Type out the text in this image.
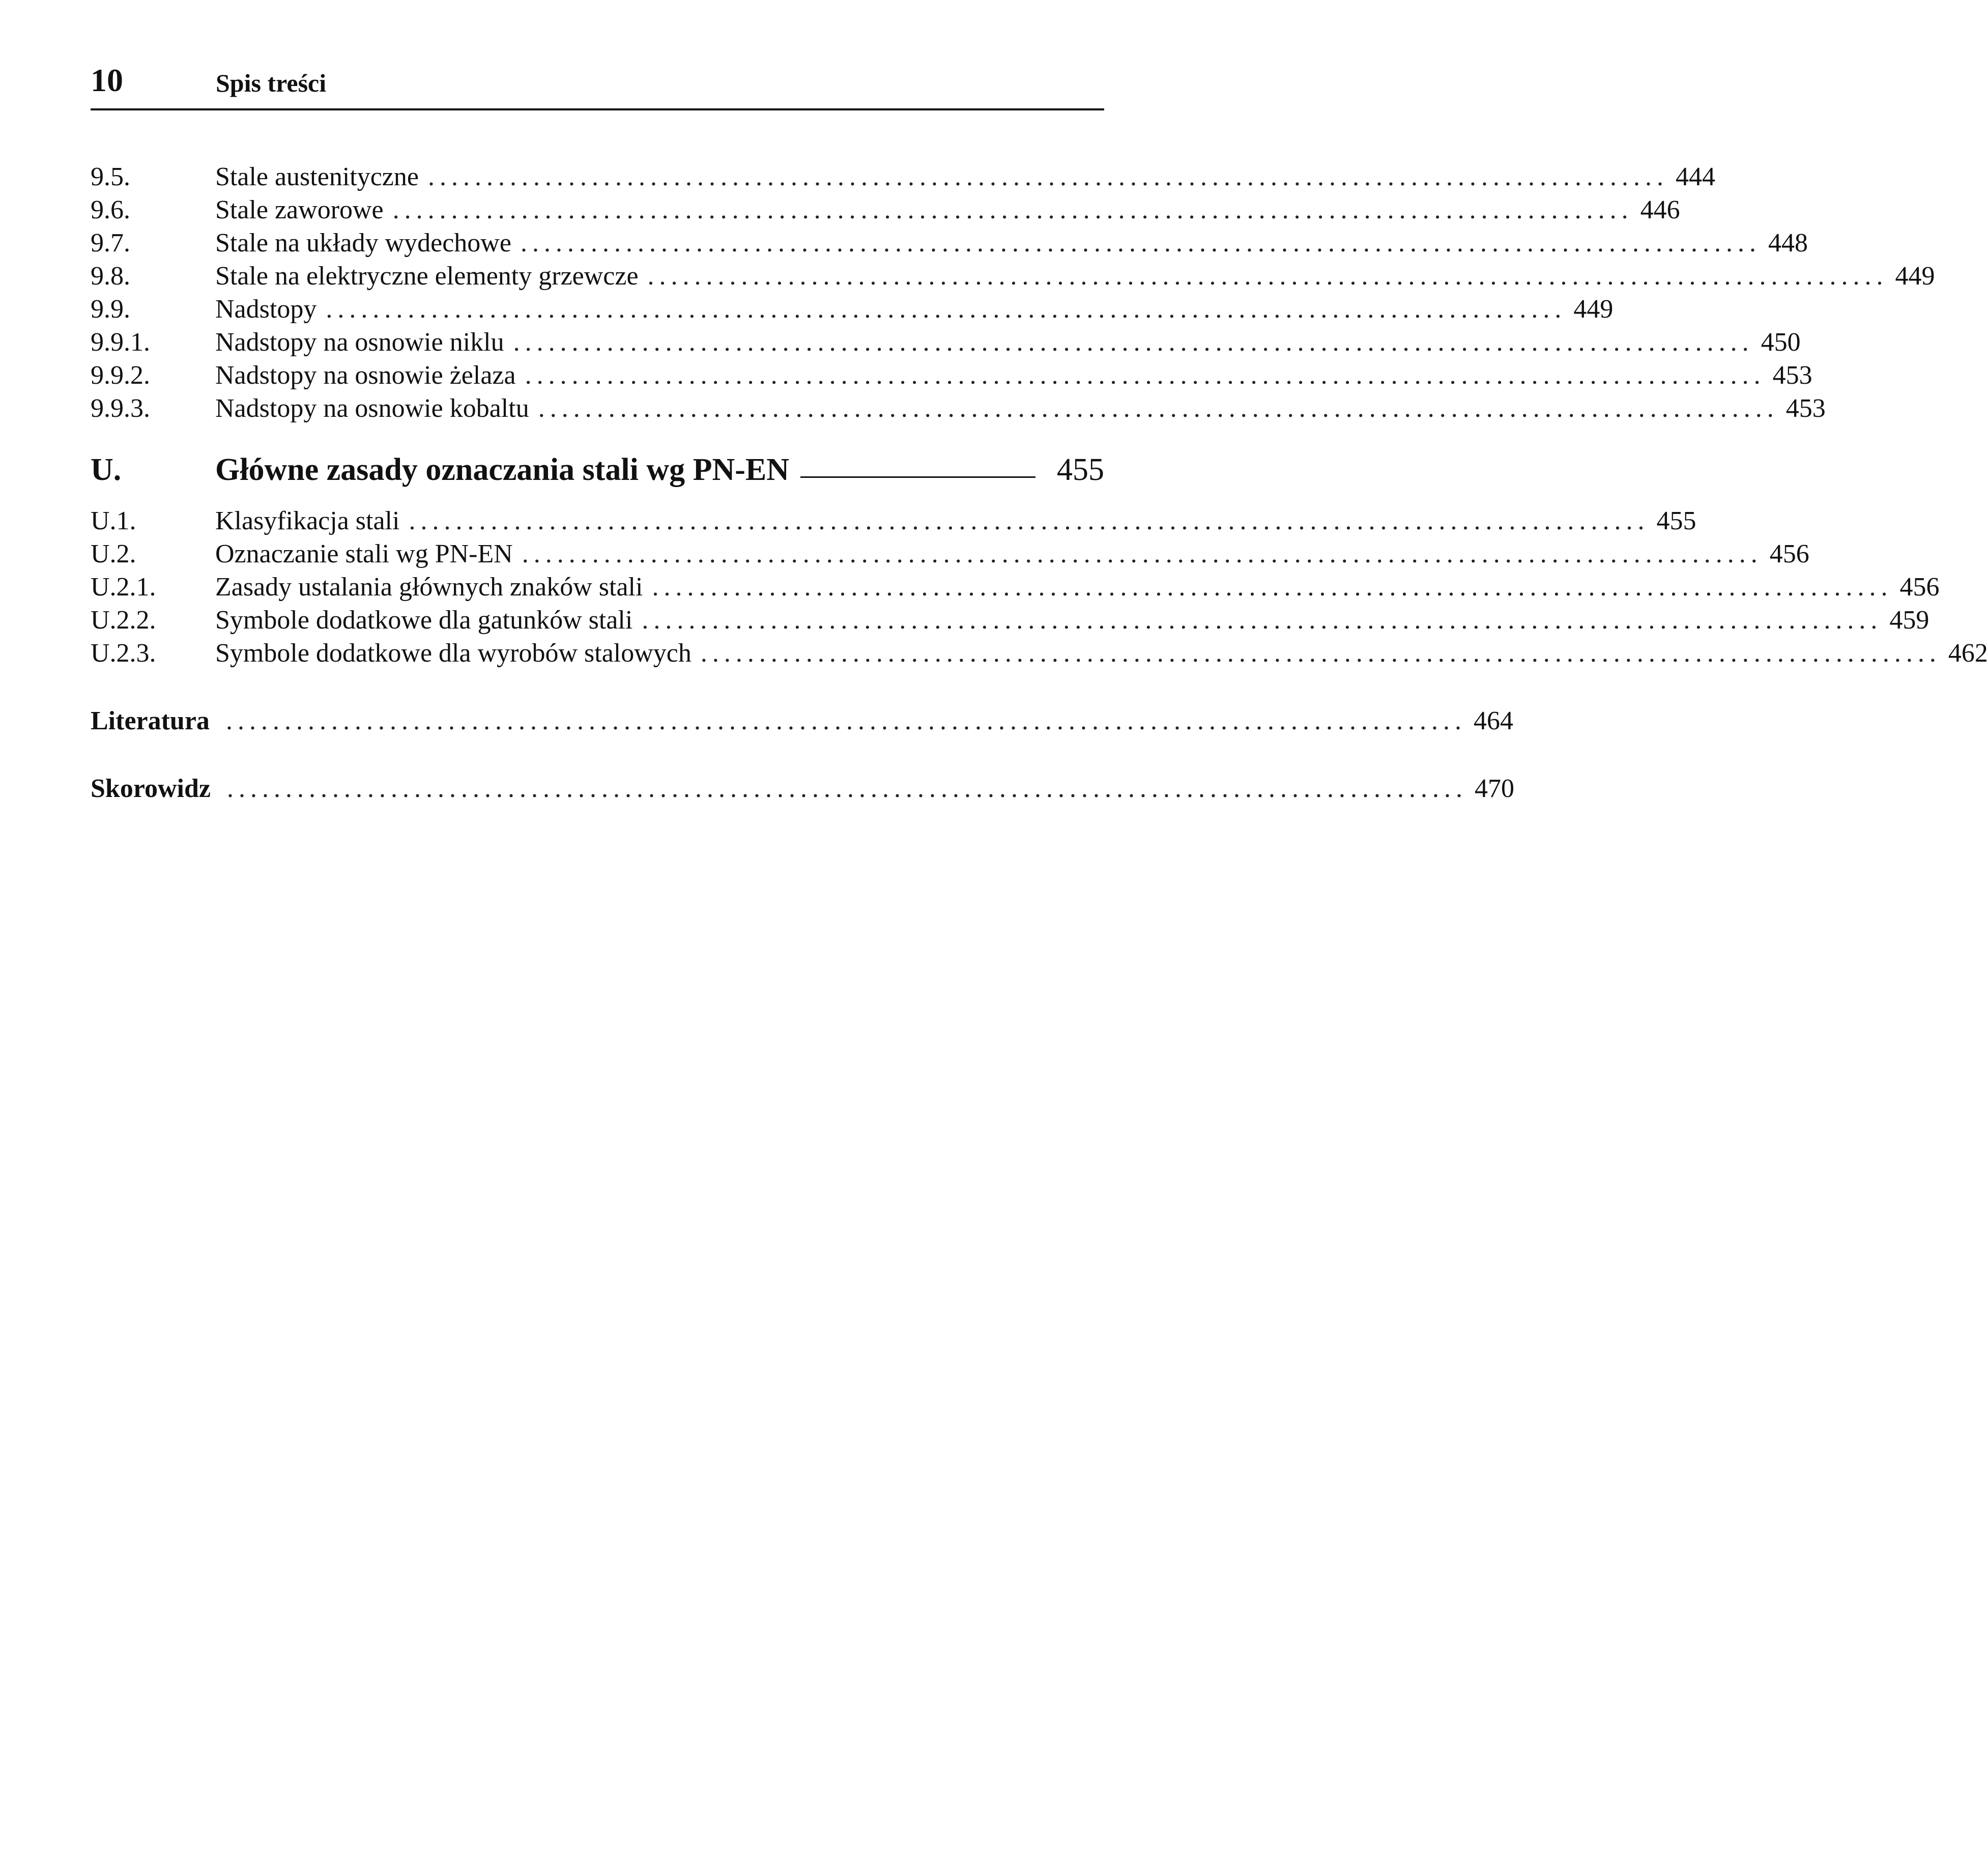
10	Spis treści
9.5.	Stale austenityczne .......................................................................................................... 444
9.6.	Stale zaworowe .......................................................................................................... 446
9.7.	Stale na układy wydechowe .......................................................................................................... 448
9.8.	Stale na elektryczne elementy grzewcze .......................................................................................................... 449
9.9.	Nadstopy .......................................................................................................... 449
9.9.1.	Nadstopy na osnowie niklu .......................................................................................................... 450
9.9.2.	Nadstopy na osnowie żelaza .......................................................................................................... 453
9.9.3.	Nadstopy na osnowie kobaltu .......................................................................................................... 453
U.	Główne zasady oznaczania stali wg PN-EN	455
U.1.	Klasyfikacja stali .......................................................................................................... 455
U.2.	Oznaczanie stali wg PN-EN .......................................................................................................... 456
U.2.1.	Zasady ustalania głównych znaków stali .......................................................................................................... 456
U.2.2.	Symbole dodatkowe dla gatunków stali .......................................................................................................... 459
U.2.3.	Symbole dodatkowe dla wyrobów stalowych .......................................................................................................... 462
Literatura .......................................................................................................... 464
Skorowidz .......................................................................................................... 470
